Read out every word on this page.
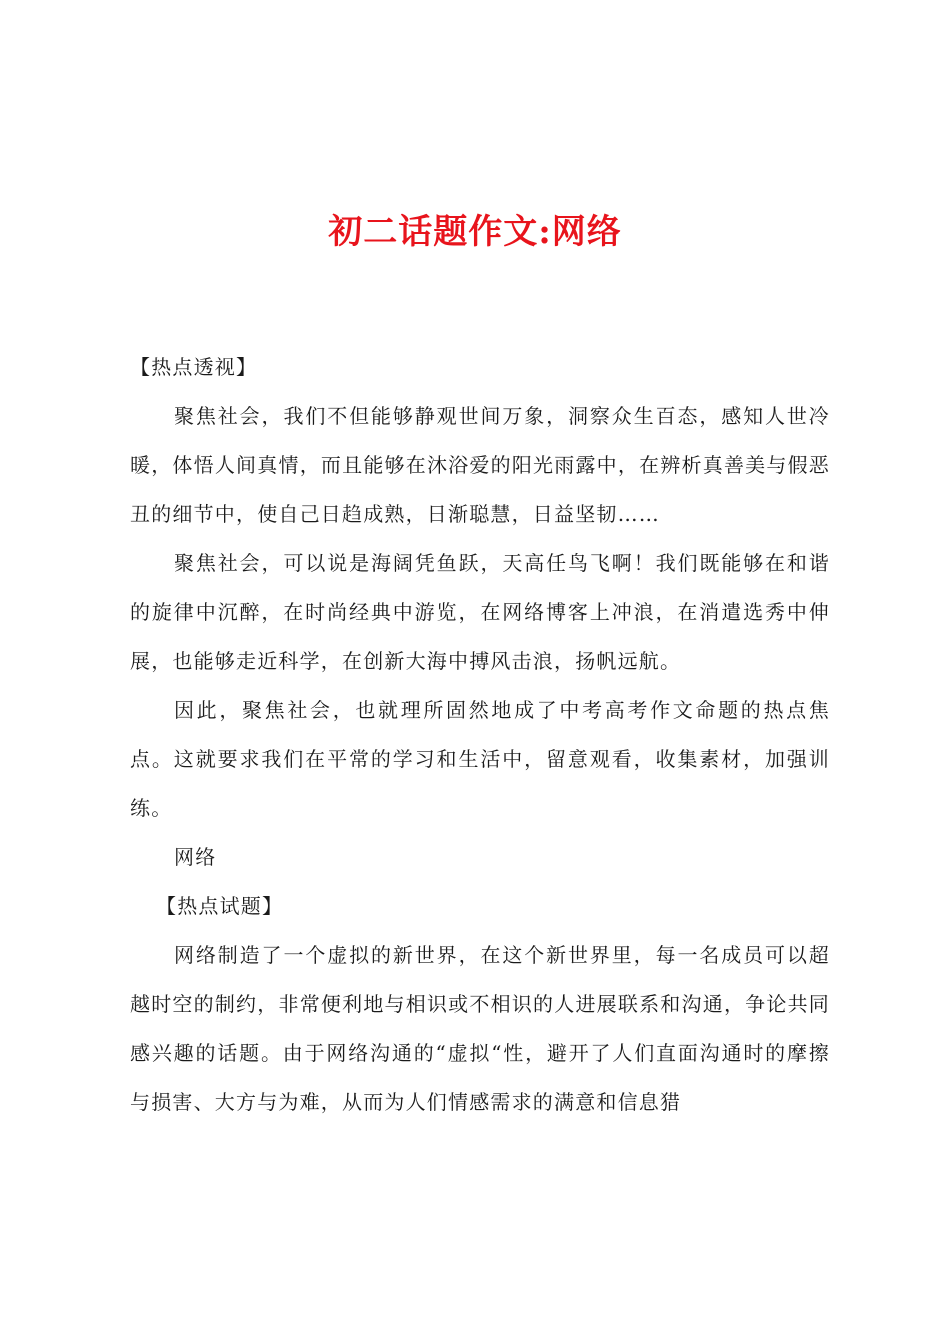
初二话题作文:网络

【热点透视】

聚焦社会，我们不但能够静观世间万象，洞察众生百态，感知人世冷暖，体悟人间真情，而且能够在沐浴爱的阳光雨露中，在辨析真善美与假恶丑的细节中，使自己日趋成熟，日渐聪慧，日益坚韧……

聚焦社会，可以说是海阔凭鱼跃，天高任鸟飞啊！我们既能够在和谐的旋律中沉醉，在时尚经典中游览，在网络博客上冲浪，在消遣选秀中伸展，也能够走近科学，在创新大海中搏风击浪，扬帆远航。

因此，聚焦社会，也就理所固然地成了中考高考作文命题的热点焦点。这就要求我们在平常的学习和生活中，留意观看，收集素材，加强训练。

网络

【热点试题】

网络制造了一个虚拟的新世界，在这个新世界里，每一名成员可以超越时空的制约，非常便利地与相识或不相识的人进展联系和沟通，争论共同感兴趣的话题。由于网络沟通的“虚拟“性，避开了人们直面沟通时的摩擦与损害、大方与为难，从而为人们情感需求的满意和信息猎
